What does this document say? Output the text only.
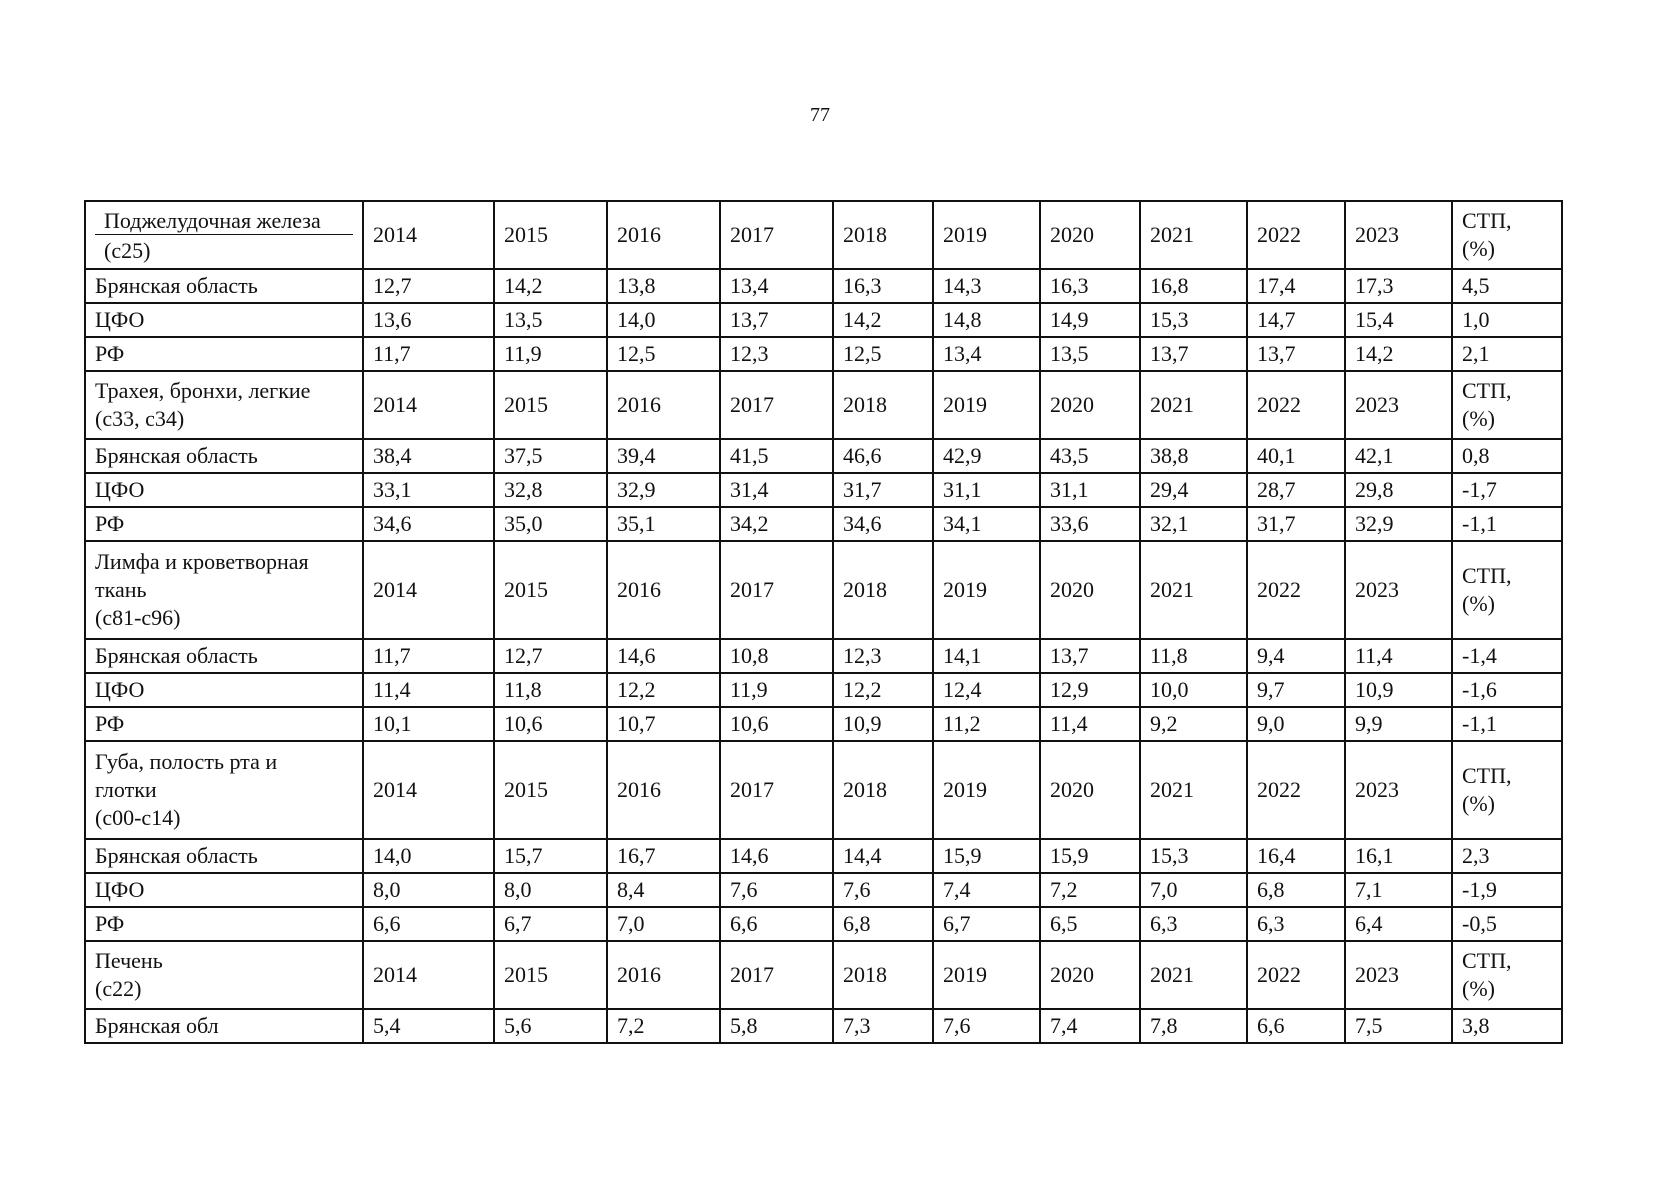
77
Поджелудочная железа
(c25)	2014	2015	2016	2017	2018	2019	2020	2021	2022	2023	СТП,
(%)

Брянская область	12,7	14,2	13,8	13,4	16,3	14,3	16,3	16,8	17,4	17,3	4,5
ЦФО	13,6	13,5	14,0	13,7	14,2	14,8	14,9	15,3	14,7	15,4	1,0
РФ	11,7	11,9	12,5	12,3	12,5	13,4	13,5	13,7	13,7	14,2	2,1

Трахея, бронхи, легкие
(c33, c34)	2014	2015	2016	2017	2018	2019	2020	2021	2022	2023	СТП,
(%)

Брянская область	38,4	37,5	39,4	41,5	46,6	42,9	43,5	38,8	40,1	42,1	0,8
ЦФО	33,1	32,8	32,9	31,4	31,7	31,1	31,1	29,4	28,7	29,8	-1,7
РФ	34,6	35,0	35,1	34,2	34,6	34,1	33,6	32,1	31,7	32,9	-1,1

Лимфа и кроветворная
ткань
(c81-c96)	2014	2015	2016	2017	2018	2019	2020	2021	2022	2023	СТП,
(%)

Брянская область	11,7	12,7	14,6	10,8	12,3	14,1	13,7	11,8	9,4	11,4	-1,4
ЦФО	11,4	11,8	12,2	11,9	12,2	12,4	12,9	10,0	9,7	10,9	-1,6
РФ	10,1	10,6	10,7	10,6	10,9	11,2	11,4	9,2	9,0	9,9	-1,1

Губа, полость рта и
глотки
(c00-c14)	2014	2015	2016	2017	2018	2019	2020	2021	2022	2023	СТП,
(%)

Брянская область	14,0	15,7	16,7	14,6	14,4	15,9	15,9	15,3	16,4	16,1	2,3
ЦФО	8,0	8,0	8,4	7,6	7,6	7,4	7,2	7,0	6,8	7,1	-1,9
РФ	6,6	6,7	7,0	6,6	6,8	6,7	6,5	6,3	6,3	6,4	-0,5

Печень
(c22)	2014	2015	2016	2017	2018	2019	2020	2021	2022	2023	СТП,
(%)

Брянская обл	5,4	5,6	7,2	5,8	7,3	7,6	7,4	7,8	6,6	7,5	3,8
